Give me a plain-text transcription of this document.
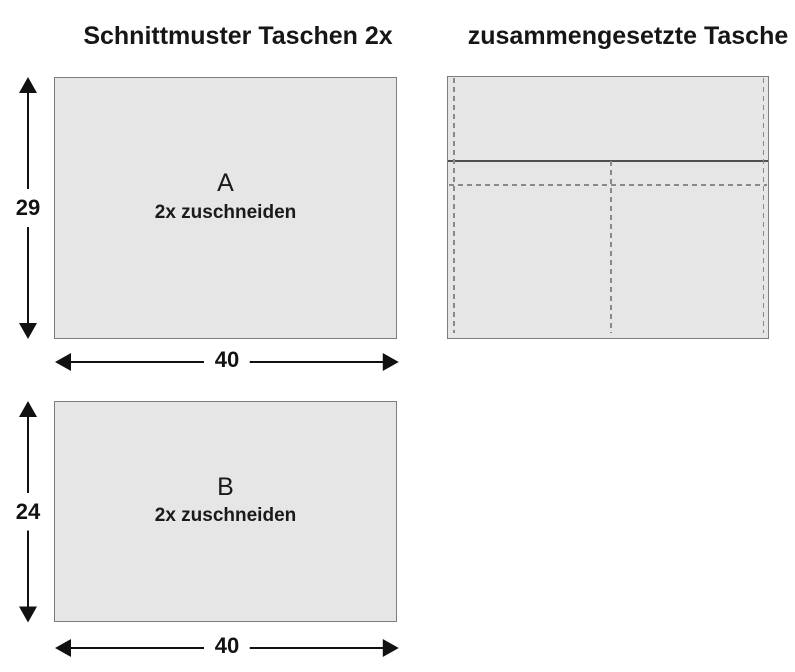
Schnittmuster Taschen 2x	zusammengesetzte Tasche
A
2x zuschneiden
29
40
B
2x zuschneiden
24
40
